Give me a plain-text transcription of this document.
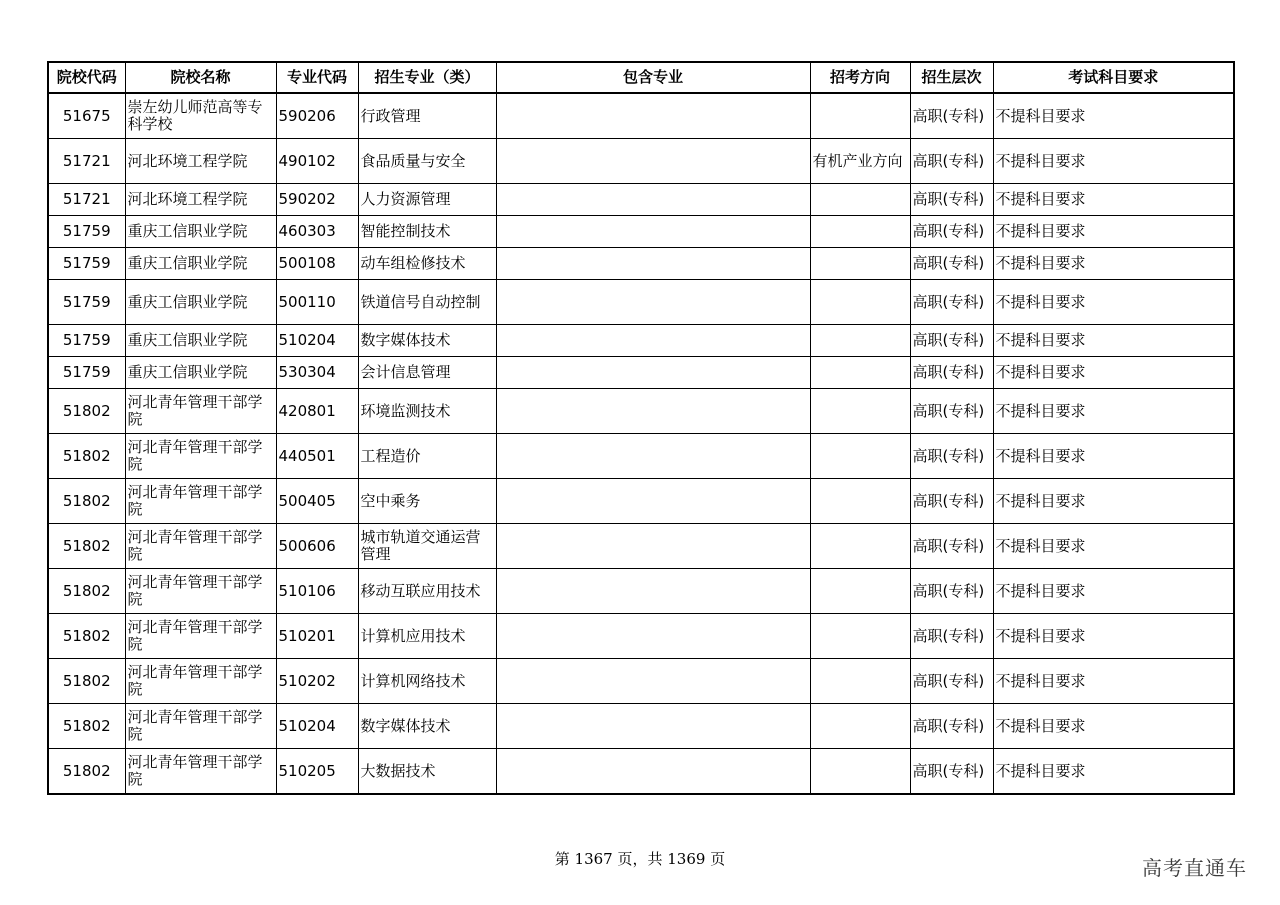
院校代码	院校名称	专业代码	招生专业（类）	包含专业	招考方向	招生层次	考试科目要求
51675	崇左幼儿师范高等专科学校	590206	行政管理			高职(专科)	不提科目要求
51721	河北环境工程学院	490102	食品质量与安全		有机产业方向	高职(专科)	不提科目要求
51721	河北环境工程学院	590202	人力资源管理			高职(专科)	不提科目要求
51759	重庆工信职业学院	460303	智能控制技术			高职(专科)	不提科目要求
51759	重庆工信职业学院	500108	动车组检修技术			高职(专科)	不提科目要求
51759	重庆工信职业学院	500110	铁道信号自动控制			高职(专科)	不提科目要求
51759	重庆工信职业学院	510204	数字媒体技术			高职(专科)	不提科目要求
51759	重庆工信职业学院	530304	会计信息管理			高职(专科)	不提科目要求
51802	河北青年管理干部学院	420801	环境监测技术			高职(专科)	不提科目要求
51802	河北青年管理干部学院	440501	工程造价			高职(专科)	不提科目要求
51802	河北青年管理干部学院	500405	空中乘务			高职(专科)	不提科目要求
51802	河北青年管理干部学院	500606	城市轨道交通运营管理			高职(专科)	不提科目要求
51802	河北青年管理干部学院	510106	移动互联应用技术			高职(专科)	不提科目要求
51802	河北青年管理干部学院	510201	计算机应用技术			高职(专科)	不提科目要求
51802	河北青年管理干部学院	510202	计算机网络技术			高职(专科)	不提科目要求
51802	河北青年管理干部学院	510204	数字媒体技术			高职(专科)	不提科目要求
51802	河北青年管理干部学院	510205	大数据技术			高职(专科)	不提科目要求
第 1367 页，共 1369 页	高考直通车
